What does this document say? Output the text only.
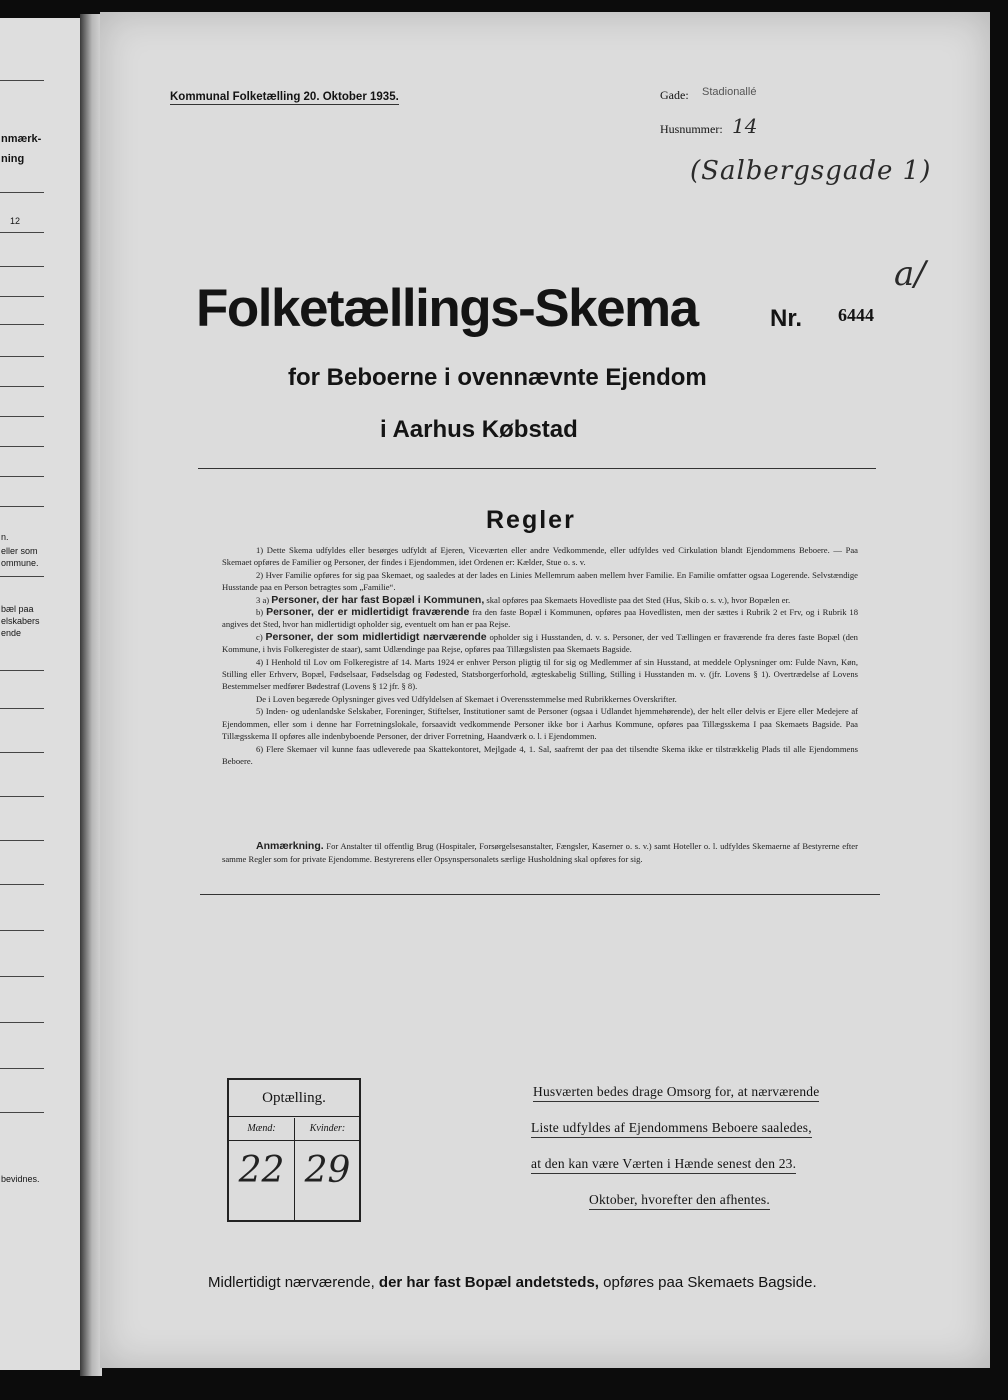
nmærk-
ning
12
n.
eller som
ommune.
bæl paa
elskabers
ende
bevidnes.
Kommunal Folketælling 20. Oktober 1935.	Gade: Stadionallé
Husnummer: 14
(Salbergsgade 1)
a/
Folketællings-Skema	Nr. 6444
for Beboerne i ovennævnte Ejendom
i Aarhus Købstad
Regler

1) Dette Skema udfyldes eller besørges udfyldt af Ejeren, Viceværten eller andre Vedkommende, eller udfyldes ved Cirkulation blandt Ejendommens Beboere. — Paa Skemaet opføres de Familier og Personer, der findes i Ejendommen, idet Ordenen er: Kælder, Stue o. s. v.

2) Hver Familie opføres for sig paa Skemaet, og saaledes at der lades en Linies Mellemrum aaben mellem hver Familie. En Familie omfatter ogsaa Logerende. Selvstændige Husstande paa en Person betragtes som „Familie“.

3 a) Personer, der har fast Bopæl i Kommunen, skal opføres paa Skemaets Hovedliste paa det Sted (Hus, Skib o. s. v.), hvor Bopælen er.

b) Personer, der er midlertidigt fraværende fra den faste Bopæl i Kommunen, opføres paa Hovedlisten, men der sættes i Rubrik 2 et Frv, og i Rubrik 18 angives det Sted, hvor han midlertidigt opholder sig, eventuelt om han er paa Rejse.

c) Personer, der som midlertidigt nærværende opholder sig i Husstanden, d. v. s. Personer, der ved Tællingen er fraværende fra deres faste Bopæl (den Kommune, i hvis Folkeregister de staar), samt Udlændinge paa Rejse, opføres paa Tillægslisten paa Skemaets Bagside.

4) I Henhold til Lov om Folkeregistre af 14. Marts 1924 er enhver Person pligtig til for sig og Medlemmer af sin Husstand, at meddele Oplysninger om: Fulde Navn, Køn, Stilling eller Erhverv, Bopæl, Fødselsaar, Fødselsdag og Fødested, Statsborgerforhold, ægteskabelig Stilling, Stilling i Husstanden m. v. (jfr. Lovens § 1). Overtrædelse af Lovens Bestemmelser medfører Bødestraf (Lovens § 12 jfr. § 8).

De i Loven begærede Oplysninger gives ved Udfyldelsen af Skemaet i Overensstemmelse med Rubrikkernes Overskrifter.

5) Inden- og udenlandske Selskaber, Foreninger, Stiftelser, Institutioner samt de Personer (ogsaa i Udlandet hjemmehørende), der helt eller delvis er Ejere eller Medejere af Ejendommen, eller som i denne har Forretningslokale, forsaavidt vedkommende Personer ikke bor i Aarhus Kommune, opføres paa Tillægsskema I paa Skemaets Bagside. Paa Tillægsskema II opføres alle indenbyboende Personer, der driver Forretning, Haandværk o. l. i Ejendommen.

6) Flere Skemaer vil kunne faas udleverede paa Skattekontoret, Mejlgade 4, 1. Sal, saafremt der paa det tilsendte Skema ikke er tilstrækkelig Plads til alle Ejendommens Beboere.

Anmærkning. For Anstalter til offentlig Brug (Hospitaler, Forsørgelsesanstalter, Fængsler, Kaserner o. s. v.) samt Hoteller o. l. udfyldes Skemaerne af Bestyrerne efter samme Regler som for private Ejendomme. Bestyrerens eller Opsynspersonalets særlige Husholdning skal opføres for sig.

Optælling.
Mænd:
22
Kvinder:
29
Husværten bedes drage Omsorg for, at nærværende
Liste udfyldes af Ejendommens Beboere saaledes,
at den kan være Værten i Hænde senest den 23.
Oktober, hvorefter den afhentes.
Midlertidigt nærværende, der har fast Bopæl andetsteds, opføres paa Skemaets Bagside.
